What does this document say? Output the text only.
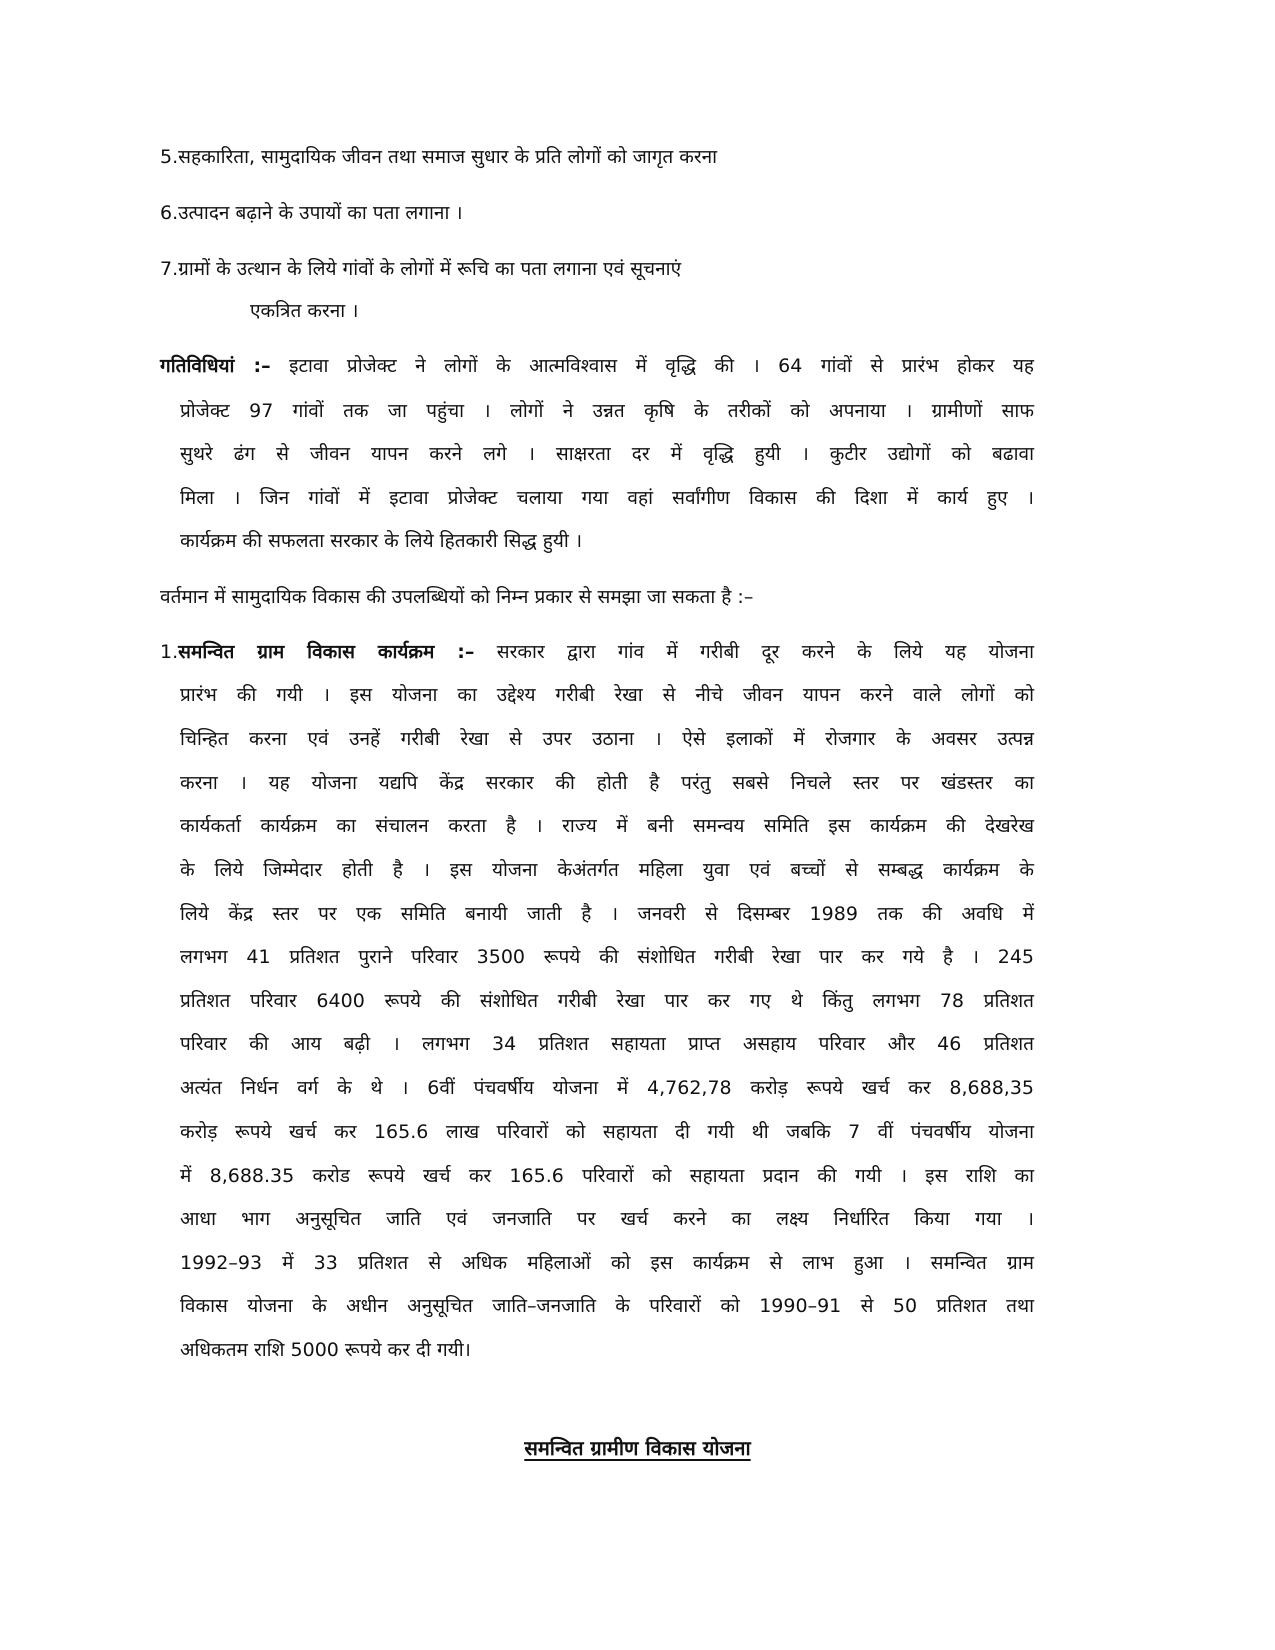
5.सहकारिता, सामुदायिक जीवन तथा समाज सुधार के प्रति लोगों को जागृत करना
6.उत्पादन बढ़ाने के उपायों का पता लगाना ।
7.ग्रामों के उत्थान के लिये गांवों के लोगों में रूचि का पता लगाना एवं सूचनाएं
एकत्रित करना ।
गतिविधियां :– इटावा प्रोजेक्ट ने लोगों के आत्मविश्वास में वृद्धि की । 64 गांवों से प्रारंभ होकर यह
प्रोजेक्ट 97 गांवों तक जा पहुंचा । लोगों ने उन्नत कृषि के तरीकों को अपनाया । ग्रामीणों साफ
सुथरे ढंग से जीवन यापन करने लगे । साक्षरता दर में वृद्धि हुयी । कुटीर उद्योगों को बढावा
मिला । जिन गांवों में इटावा प्रोजेक्ट चलाया गया वहां सर्वांगीण विकास की दिशा में कार्य हुए ।
कार्यक्रम की सफलता सरकार के लिये हितकारी सिद्ध हुयी ।
वर्तमान में सामुदायिक विकास की उपलब्धियों को निम्न प्रकार से समझा जा सकता है :–
1.समन्वित ग्राम विकास कार्यक्रम :– सरकार द्वारा गांव में गरीबी दूर करने के लिये यह योजना
प्रारंभ की गयी । इस योजना का उद्देश्य गरीबी रेखा से नीचे जीवन यापन करने वाले लोगों को
चिन्हित करना एवं उनहें गरीबी रेखा से उपर उठाना । ऐसे इलाकों में रोजगार के अवसर उत्पन्न
करना । यह योजना यद्यपि केंद्र सरकार की होती है परंतु सबसे निचले स्तर पर खंडस्तर का
कार्यकर्ता कार्यक्रम का संचालन करता है । राज्य में बनी समन्वय समिति इस कार्यक्रम की देखरेख
के लिये जिम्मेदार होती है । इस योजना केअंतर्गत महिला युवा एवं बच्चों से सम्बद्ध कार्यक्रम के
लिये केंद्र स्तर पर एक समिति बनायी जाती है । जनवरी से दिसम्बर 1989 तक की अवधि में
लगभग 41 प्रतिशत पुराने परिवार 3500 रूपये की संशोधित गरीबी रेखा पार कर गये है । 245
प्रतिशत परिवार 6400 रूपये की संशोधित गरीबी रेखा पार कर गए थे किंतु लगभग 78 प्रतिशत
परिवार की आय बढ़ी । लगभग 34 प्रतिशत सहायता प्राप्त असहाय परिवार और 46 प्रतिशत
अत्यंत निर्धन वर्ग के थे । 6वीं पंचवर्षीय योजना में 4,762,78 करोड़ रूपये खर्च कर 8,688,35
करोड़ रूपये खर्च कर 165.6 लाख परिवारों को सहायता दी गयी थी जबकि 7 वीं पंचवर्षीय योजना
में 8,688.35 करोड रूपये खर्च कर 165.6 परिवारों को सहायता प्रदान की गयी । इस राशि का
आधा भाग अनुसूचित जाति एवं जनजाति पर खर्च करने का लक्ष्य निर्धारित किया गया ।
1992–93 में 33 प्रतिशत से अधिक महिलाओं को इस कार्यक्रम से लाभ हुआ । समन्वित ग्राम
विकास योजना के अधीन अनुसूचित जाति–जनजाति के परिवारों को 1990–91 से 50 प्रतिशत तथा
अधिकतम राशि 5000 रूपये कर दी गयी।
समन्वित ग्रामीण विकास योजना
